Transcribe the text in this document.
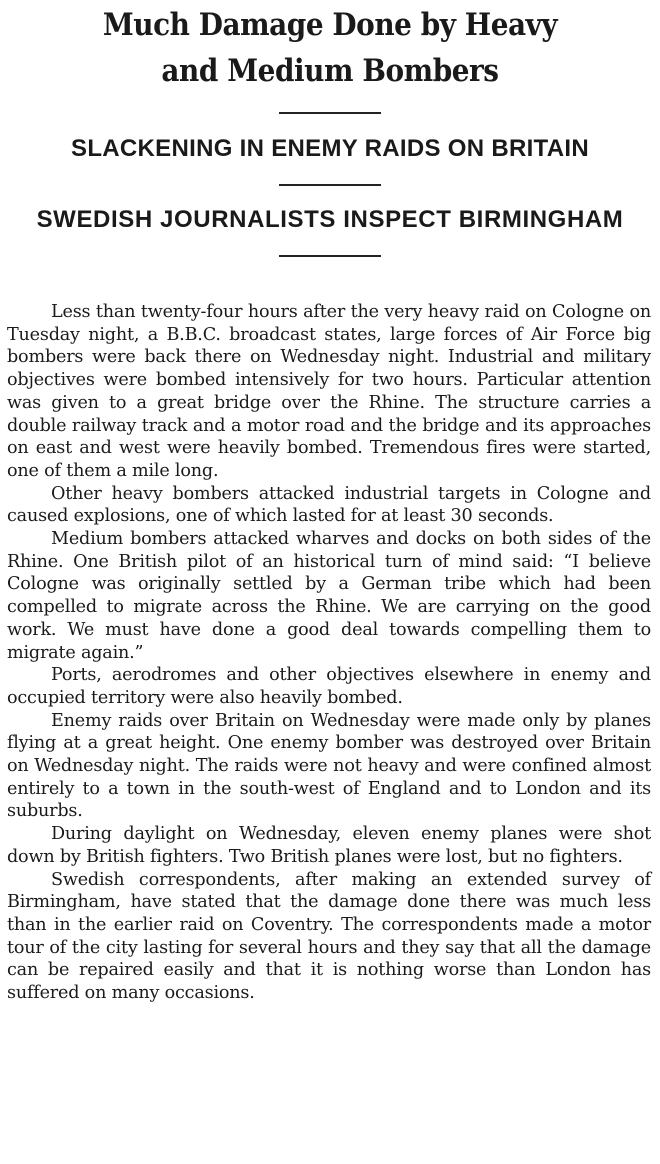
Much Damage Done by Heavy
and Medium Bombers
SLACKENING IN ENEMY RAIDS ON BRITAIN
SWEDISH JOURNALISTS INSPECT BIRMINGHAM

Less than twenty-four hours after the very heavy raid on Cologne on Tuesday night, a B.B.C. broadcast states, large forces of Air Force big bombers were back there on Wednesday night. Industrial and military objectives were bombed intensively for two hours. Particular attention was given to a great bridge over the Rhine. The structure carries a double railway track and a motor road and the bridge and its approaches on east and west were heavily bombed. Tremendous fires were started, one of them a mile long.

Other heavy bombers attacked industrial targets in Cologne and caused explosions, one of which lasted for at least 30 seconds.

Medium bombers attacked wharves and docks on both sides of the Rhine. One British pilot of an historical turn of mind said: “I believe Cologne was originally settled by a German tribe which had been compelled to migrate across the Rhine. We are carrying on the good work. We must have done a good deal towards compelling them to migrate again.”

Ports, aerodromes and other objectives elsewhere in enemy and occupied territory were also heavily bombed.

Enemy raids over Britain on Wednesday were made only by planes flying at a great height. One enemy bomber was destroyed over Britain on Wednesday night. The raids were not heavy and were confined almost entirely to a town in the south-west of England and to London and its suburbs.

During daylight on Wednesday, eleven enemy planes were shot down by British fighters. Two British planes were lost, but no fighters.

Swedish correspondents, after making an extended survey of Birmingham, have stated that the damage done there was much less than in the earlier raid on Coventry. The correspondents made a motor tour of the city lasting for several hours and they say that all the damage can be repaired easily and that it is nothing worse than London has suffered on many occasions.
